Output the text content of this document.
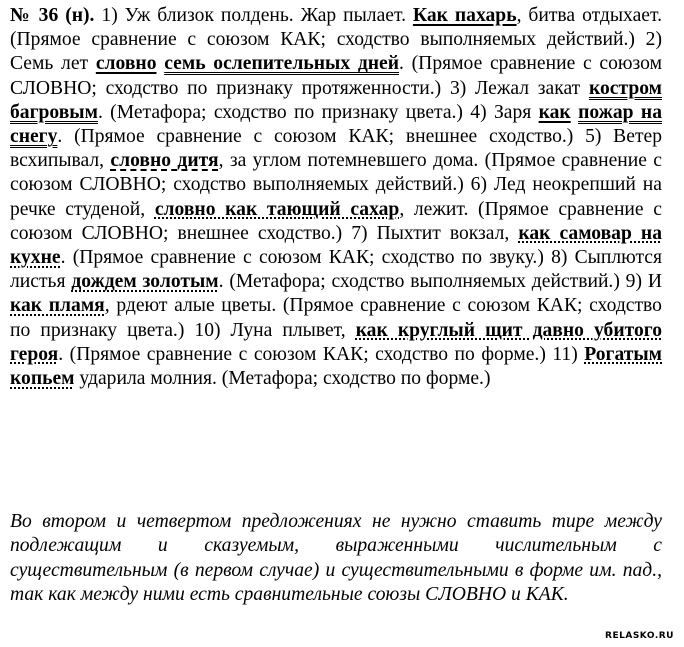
№ 36 (н). 1) Уж близок полдень. Жар пылает. Как пахарь, битва отдыхает. (Прямое сравнение с союзом КАК; сходство выполняемых действий.) 2) Семь лет словно семь ослепительных дней. (Прямое сравнение с союзом СЛОВНО; сходство по признаку протяженности.) 3) Лежал закат костром багровым. (Метафора; сходство по признаку цвета.) 4) Заря как пожар на снегу. (Прямое сравнение с союзом КАК; внешнее сходство.) 5) Ветер всхипывал, словно дитя, за углом потемневшего дома. (Прямое сравнение с союзом СЛОВНО; сходство выполняемых действий.) 6) Лед неокрепший на речке студеной, словно как тающий сахар, лежит. (Прямое сравнение с союзом СЛОВНО; внешнее сходство.) 7) Пыхтит вокзал, как самовар на кухне. (Прямое сравнение с союзом КАК; сходство по звуку.) 8) Сыплются листья дождем золотым. (Метафора; сходство выполняемых действий.) 9) И как пламя, рдеют алые цветы. (Прямое сравнение с союзом КАК; сходство по признаку цвета.) 10) Луна плывет, как круглый щит давно убитого героя. (Прямое сравнение с союзом КАК; сходство по форме.) 11) Рогатым копьем ударила молния. (Метафора; сходство по форме.)
Во втором и четвертом предложениях не нужно ставить тире между подлежащим и сказуемым, выраженными числительным с существительным (в первом случае) и существительными в форме им. пад., так как между ними есть сравнительные союзы СЛОВНО и КАК.
RELASKO.RU
